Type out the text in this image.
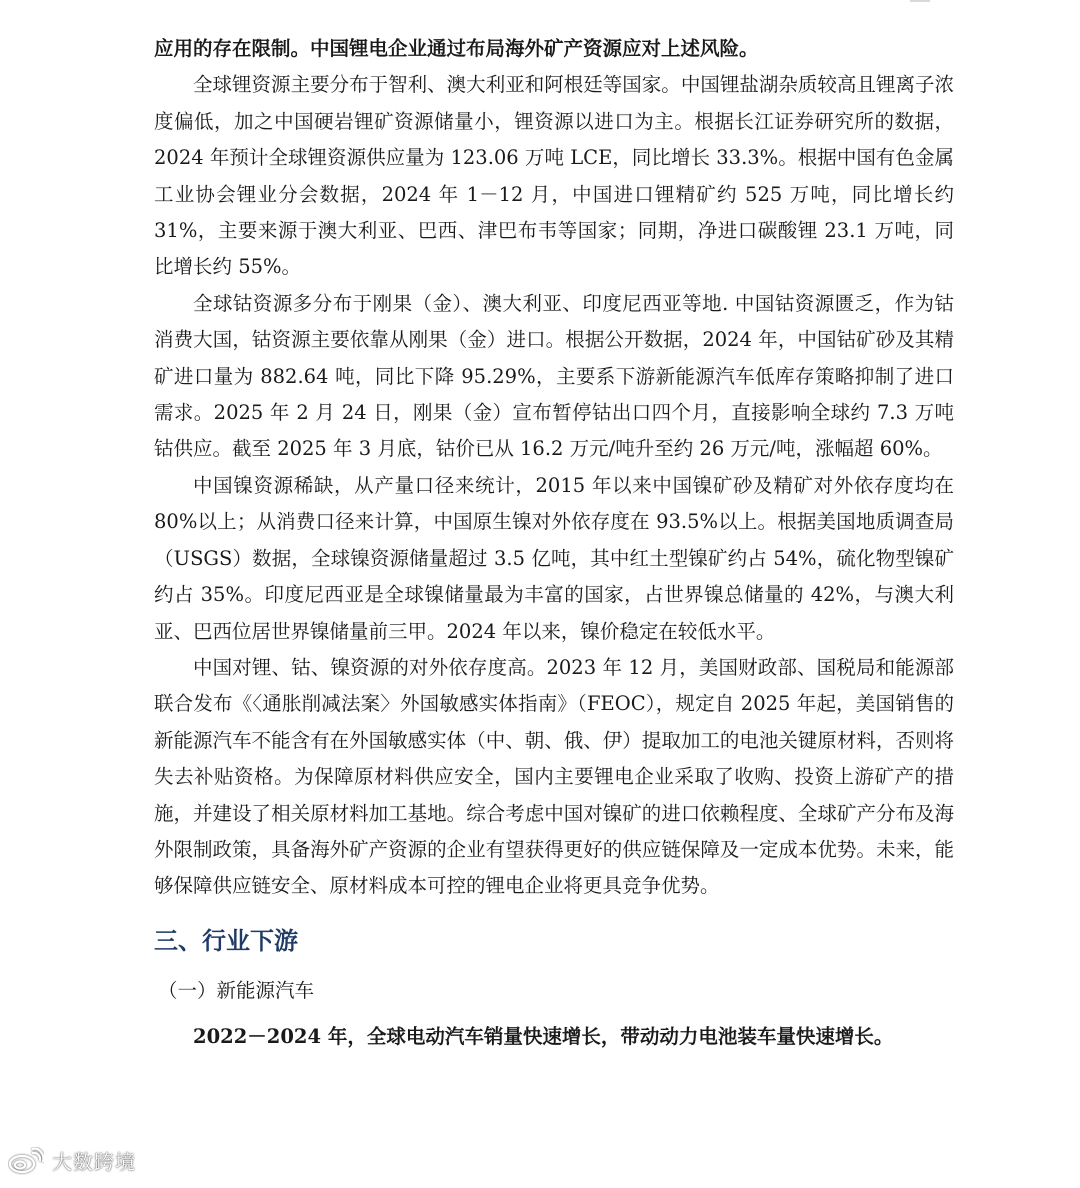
应用的存在限制。中国锂电企业通过布局海外矿产资源应对上述风险。

全球锂资源主要分布于智利、澳大利亚和阿根廷等国家。中国锂盐湖杂质较高且锂离子浓度偏低，加之中国硬岩锂矿资源储量小，锂资源以进口为主。根据长江证券研究所的数据，2024 年预计全球锂资源供应量为 123.06 万吨 LCE，同比增长 33.3%。根据中国有色金属工业协会锂业分会数据，2024 年 1－12 月，中国进口锂精矿约 525 万吨，同比增长约 31%，主要来源于澳大利亚、巴西、津巴布韦等国家；同期，净进口碳酸锂 23.1 万吨，同比增长约 55%。

全球钴资源多分布于刚果（金）、澳大利亚、印度尼西亚等地. 中国钴资源匮乏，作为钴消费大国，钴资源主要依靠从刚果（金）进口。根据公开数据，2024 年，中国钴矿砂及其精矿进口量为 882.64 吨，同比下降 95.29%，主要系下游新能源汽车低库存策略抑制了进口需求。2025 年 2 月 24 日，刚果（金）宣布暂停钴出口四个月，直接影响全球约 7.3 万吨钴供应。截至 2025 年 3 月底，钴价已从 16.2 万元/吨升至约 26 万元/吨，涨幅超 60%。

中国镍资源稀缺，从产量口径来统计，2015 年以来中国镍矿砂及精矿对外依存度均在 80%以上；从消费口径来计算，中国原生镍对外依存度在 93.5%以上。根据美国地质调查局（USGS）数据，全球镍资源储量超过 3.5 亿吨，其中红土型镍矿约占 54%，硫化物型镍矿约占 35%。印度尼西亚是全球镍储量最为丰富的国家，占世界镍总储量的 42%，与澳大利亚、巴西位居世界镍储量前三甲。2024 年以来，镍价稳定在较低水平。

中国对锂、钴、镍资源的对外依存度高。2023 年 12 月，美国财政部、国税局和能源部联合发布《〈通胀削减法案〉外国敏感实体指南》（FEOC），规定自 2025 年起，美国销售的新能源汽车不能含有在外国敏感实体（中、朝、俄、伊）提取加工的电池关键原材料，否则将失去补贴资格。为保障原材料供应安全，国内主要锂电企业采取了收购、投资上游矿产的措施，并建设了相关原材料加工基地。综合考虑中国对镍矿的进口依赖程度、全球矿产分布及海外限制政策，具备海外矿产资源的企业有望获得更好的供应链保障及一定成本优势。未来，能够保障供应链安全、原材料成本可控的锂电企业将更具竞争优势。

三、行业下游
（一）新能源汽车

2022－2024 年，全球电动汽车销量快速增长，带动动力电池装车量快速增长。

大数跨境
